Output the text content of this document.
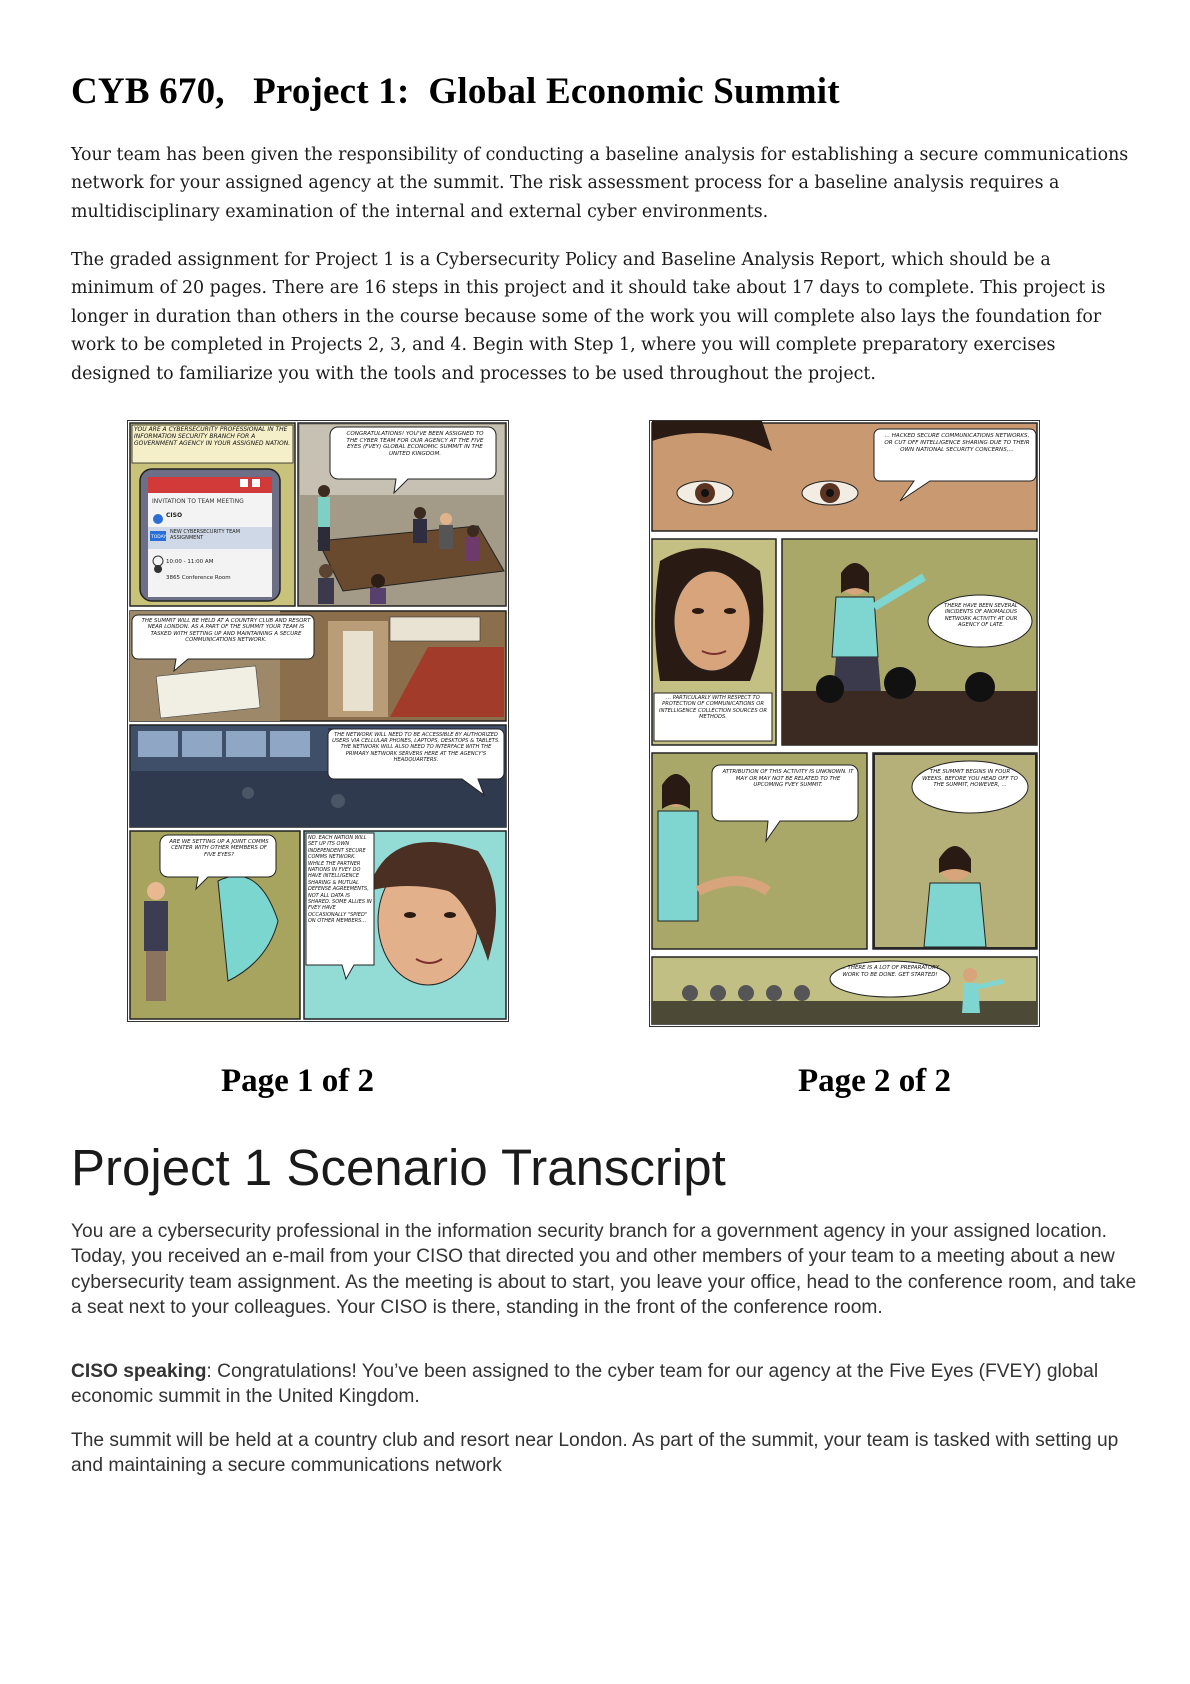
CYB 670,   Project 1:  Global Economic Summit

Your team has been given the responsibility of conducting a baseline analysis for establishing a secure communications network for your assigned agency at the summit. The risk assessment process for a baseline analysis requires a multidisciplinary examination of the internal and external cyber environments.

The graded assignment for Project 1 is a Cybersecurity Policy and Baseline Analysis Report, which should be a minimum of 20 pages. There are 16 steps in this project and it should take about 17 days to complete. This project is longer in duration than others in the course because some of the work you will complete also lays the foundation for work to be completed in Projects 2, 3, and 4. Begin with Step 1, where you will complete preparatory exercises designed to familiarize you with the tools and processes to be used throughout the project.

YOU ARE A CYBERSECURITY PROFESSIONAL IN THE INFORMATION SECURITY BRANCH FOR A GOVERNMENT AGENCY IN YOUR ASSIGNED NATION.
INVITATION TO TEAM MEETING
CISO
TODAY
NEW CYBERSECURITY TEAM ASSIGNMENT
10:00 - 11:00 AM
3865 Conference Room
CONGRATULATIONS! YOU'VE BEEN ASSIGNED TO THE CYBER TEAM FOR OUR AGENCY AT THE FIVE EYES (FVEY) GLOBAL ECONOMIC SUMMIT IN THE UNITED KINGDOM.
THE SUMMIT WILL BE HELD AT A COUNTRY CLUB AND RESORT NEAR LONDON. AS A PART OF THE SUMMIT YOUR TEAM IS TASKED WITH SETTING UP AND MAINTAINING A SECURE COMMUNICATIONS NETWORK.
THE NETWORK WILL NEED TO BE ACCESSIBLE BY AUTHORIZED USERS VIA CELLULAR PHONES, LAPTOPS, DESKTOPS & TABLETS. THE NETWORK WILL ALSO NEED TO INTERFACE WITH THE PRIMARY NETWORK SERVERS HERE AT THE AGENCY'S HEADQUARTERS.
ARE WE SETTING UP A JOINT COMMS CENTER WITH OTHER MEMBERS OF FIVE EYES?
NO. EACH NATION WILL SET UP ITS OWN INDEPENDENT SECURE COMMS NETWORK. WHILE THE PARTNER NATIONS IN FVEY DO HAVE INTELLIGENCE SHARING & MUTUAL DEFENSE AGREEMENTS, NOT ALL DATA IS SHARED. SOME ALLIES IN FVEY HAVE OCCASIONALLY "SPIED" ON OTHER MEMBERS...
... HACKED SECURE COMMUNICATIONS NETWORKS, OR CUT OFF INTELLIGENCE SHARING DUE TO THEIR OWN NATIONAL SECURITY CONCERNS,...
... PARTICULARLY WITH RESPECT TO PROTECTION OF COMMUNICATIONS OR INTELLIGENCE COLLECTION SOURCES OR METHODS.
THERE HAVE BEEN SEVERAL INCIDENTS OF ANOMALOUS NETWORK ACTIVITY AT OUR AGENCY OF LATE.
ATTRIBUTION OF THIS ACTIVITY IS UNKNOWN. IT MAY OR MAY NOT BE RELATED TO THE UPCOMING FVEY SUMMIT.
THE SUMMIT BEGINS IN FOUR WEEKS. BEFORE YOU HEAD OFF TO THE SUMMIT, HOWEVER, ...
... THERE IS A LOT OF PREPARATORY WORK TO BE DONE. GET STARTED!

Page 1 of 2	Page 2 of 2

Project 1 Scenario Transcript

You are a cybersecurity professional in the information security branch for a government agency in your assigned location. Today, you received an e-mail from your CISO that directed you and other members of your team to a meeting about a new cybersecurity team assignment. As the meeting is about to start, you leave your office, head to the conference room, and take a seat next to your colleagues. Your CISO is there, standing in the front of the conference room.

CISO speaking: Congratulations! You’ve been assigned to the cyber team for our agency at the Five Eyes (FVEY) global economic summit in the United Kingdom.

The summit will be held at a country club and resort near London. As part of the summit, your team is tasked with setting up and maintaining a secure communications network
